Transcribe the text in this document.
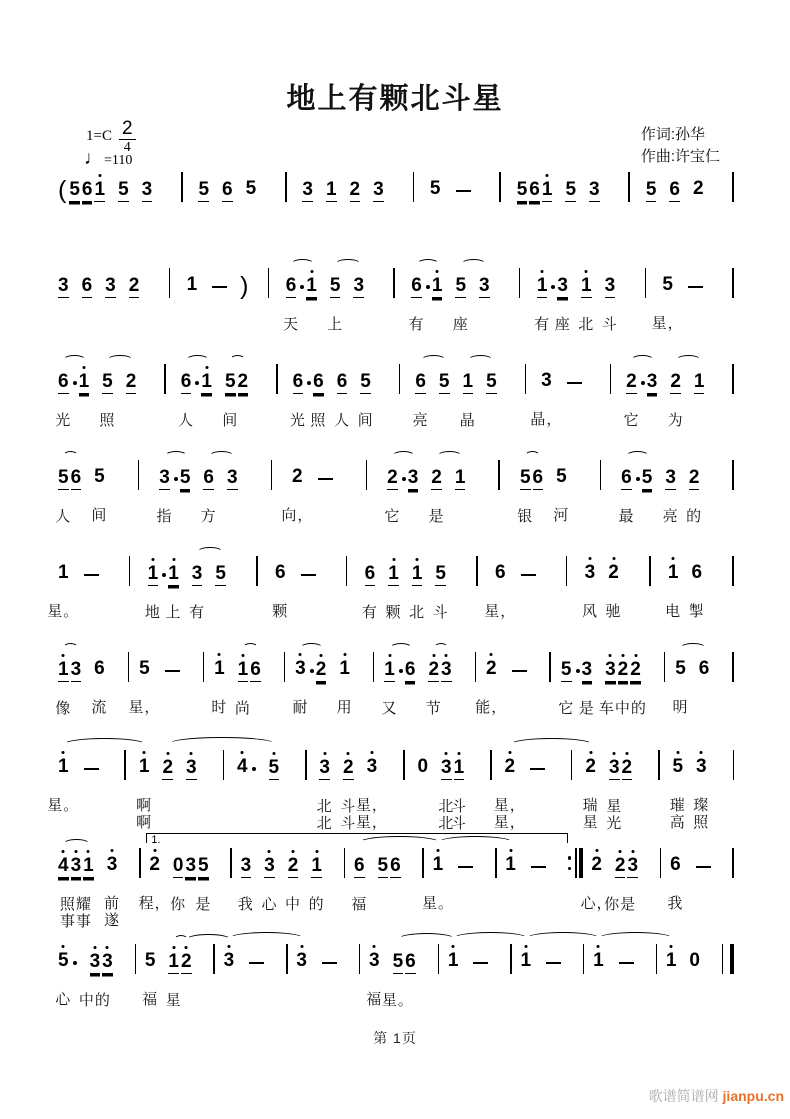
地上有颗北斗星
$1=C \frac{2}{4}$
♩=110
作词:孙华
作曲:许宝仁
( 5 6 1 5 3 5 6 5 3 1 2 3 5	5 6 1 5 3 5 6 2
3 6 3 2 1 ) 6
天
1 5
上
3 6
有
1 5
座
3 1
有
3
座
1
北
3
斗
5
星，
6
光
1 5
照
2 6
人
1 5
间
2 6
光
6
照
6
人
5
间
6
亮
5 1
晶
5 3
晶，
2
它
3 2
为
1
5
人
6 5
间
3
指
5 6
方
3	2
向，
2
它
3 2
是
1	5
银
6 5
河
6
最
5 3
亮
2
的
1
星。
1
地
1
上
3
有
5	6
颗
6
有
1
颗
1
北
5
斗
6
星，
3
风
2
驰
1
电
6
掣
1
像
3 6
流
5
星，
1
时
1
尚
6 3
耐
2 1
用
1
又
6 2
节
3 2
能，
5
它
3
是
3 2
车中的
2 5
明
6
1
星。
1
啊
啊
2 3 4 5 3
北
北
2
斗
斗
3
星，
星，
0 3
北
北
1
斗
斗
2
星，
星，
2
瑞
星
3
星
光
2 5
璀
高
3
璨
照
4 3
照耀
事事
1 3
前
遂
2
程，
0
你
3 5
是
3
我
3
心
2
中
1
的
6
福
5 6 1
星。
1	2
心，
2
你是
3 6
我
1.
5
心
3
中的
3 5
福
1
星
2 3	3	3
福
5
星。
6 1	1	1	1 0
第 1页
歌谱简谱网 jianpu.cn
